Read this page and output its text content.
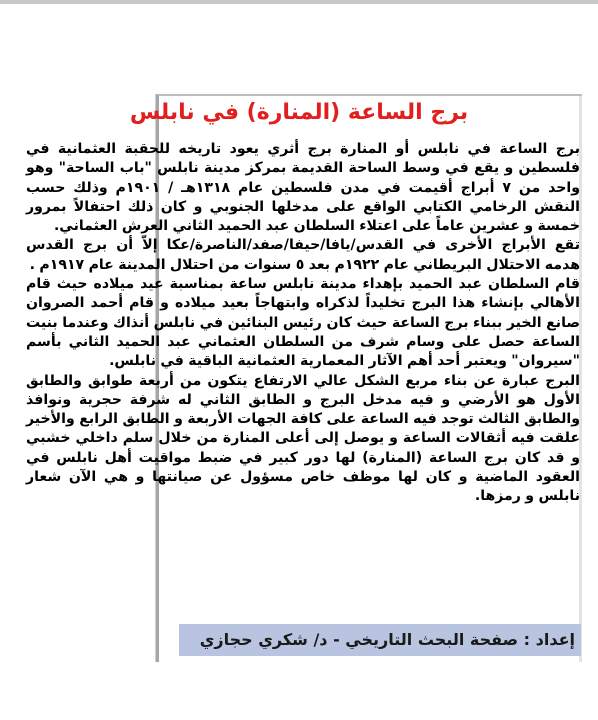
برج الساعة (المنارة) في نابلس

برج الساعة في نابلس أو المنارة برج أثري يعود تاريخه للحقبة العثمانية في فلسطين و يقع في وسط الساحة القديمة بمركز مدينة نابلس "باب الساحة" وهو واحد من ٧ أبراج أقيمت في مدن فلسطين عام ١٣١٨هـ / ١٩٠١م وذلك حسب النقش الرخامي الكتابي الواقع على مدخلها الجنوبي و كان ذلك احتفالاً بمرور خمسة و عشرين عاماً على اعتلاء السلطان عبد الحميد الثاني العرش العثماني.

تقع الأبراج الأخرى في القدس/يافا/حيفا/صفد/الناصرة/عكا إلاّ أن برج القدس هدمه الاحتلال البريطاني عام ١٩٢٢م بعد ٥ سنوات من احتلال المدينة عام ١٩١٧م .

قام السلطان عبد الحميد بإهداء مدينة نابلس ساعة بمناسبة عيد ميلاده حيث قام الأهالي بإنشاء هذا البرج تخليداً لذكراه وابتهاجاً بعيد ميلاده و قام أحمد الصروان صانع الخير ببناء برج الساعة حيث كان رئيس البنائين في نابلس أنذاك وعندما بنيت الساعة حصل على وسام شرف من السلطان العثماني عبد الحميد الثاني بأسم "سيروان" ويعتبر أحد أهم الآثار المعمارية العثمانية الباقية في نابلس.

البرج عبارة عن بناء مربع الشكل عالي الارتفاع يتكون من أربعة طوابق والطابق الأول هو الأرضي و فيه مدخل البرج و الطابق الثاني له شرفة حجرية ونوافذ والطابق الثالث توجد فيه الساعة على كافة الجهات الأربعة و الطابق الرابع والأخير علقت فيه أثقالات الساعة و يوصل إلى أعلى المنارة من خلال سلم داخلي خشبي و قد كان برج الساعة (المنارة) لها دور كبير في ضبط مواقيت أهل نابلس في العقود الماضية و كان لها موظف خاص مسؤول عن صيانتها و هي الآن شعار نابلس و رمزها.

إعداد : صفحة البحث التاريخي - د/ شكري حجازي
